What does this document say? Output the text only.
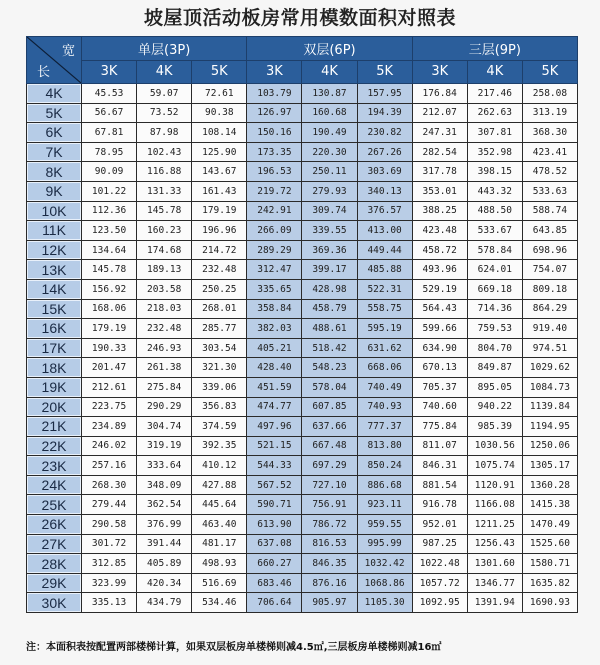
坡屋顶活动板房常用模数面积对照表
宽
长	单层(3P)			双层(6P)			三层(9P)		
	3K	4K	5K	3K	4K	5K	3K	4K	5K
4K	45.53	59.07	72.61	103.79	130.87	157.95	176.84	217.46	258.08
5K	56.67	73.52	90.38	126.97	160.68	194.39	212.07	262.63	313.19
6K	67.81	87.98	108.14	150.16	190.49	230.82	247.31	307.81	368.30
7K	78.95	102.43	125.90	173.35	220.30	267.26	282.54	352.98	423.41
8K	90.09	116.88	143.67	196.53	250.11	303.69	317.78	398.15	478.52
9K	101.22	131.33	161.43	219.72	279.93	340.13	353.01	443.32	533.63
10K	112.36	145.78	179.19	242.91	309.74	376.57	388.25	488.50	588.74
11K	123.50	160.23	196.96	266.09	339.55	413.00	423.48	533.67	643.85
12K	134.64	174.68	214.72	289.29	369.36	449.44	458.72	578.84	698.96
13K	145.78	189.13	232.48	312.47	399.17	485.88	493.96	624.01	754.07
14K	156.92	203.58	250.25	335.65	428.98	522.31	529.19	669.18	809.18
15K	168.06	218.03	268.01	358.84	458.79	558.75	564.43	714.36	864.29
16K	179.19	232.48	285.77	382.03	488.61	595.19	599.66	759.53	919.40
17K	190.33	246.93	303.54	405.21	518.42	631.62	634.90	804.70	974.51
18K	201.47	261.38	321.30	428.40	548.23	668.06	670.13	849.87	1029.62
19K	212.61	275.84	339.06	451.59	578.04	740.49	705.37	895.05	1084.73
20K	223.75	290.29	356.83	474.77	607.85	740.93	740.60	940.22	1139.84
21K	234.89	304.74	374.59	497.96	637.66	777.37	775.84	985.39	1194.95
22K	246.02	319.19	392.35	521.15	667.48	813.80	811.07	1030.56	1250.06
23K	257.16	333.64	410.12	544.33	697.29	850.24	846.31	1075.74	1305.17
24K	268.30	348.09	427.88	567.52	727.10	886.68	881.54	1120.91	1360.28
25K	279.44	362.54	445.64	590.71	756.91	923.11	916.78	1166.08	1415.38
26K	290.58	376.99	463.40	613.90	786.72	959.55	952.01	1211.25	1470.49
27K	301.72	391.44	481.17	637.08	816.53	995.99	987.25	1256.43	1525.60
28K	312.85	405.89	498.93	660.27	846.35	1032.42	1022.48	1301.60	1580.71
29K	323.99	420.34	516.69	683.46	876.16	1068.86	1057.72	1346.77	1635.82
30K	335.13	434.79	534.46	706.64	905.97	1105.30	1092.95	1391.94	1690.93
注：本面积表按配置两部楼梯计算，如果双层板房单楼梯则减4.5㎡,三层板房单楼梯则减16㎡
